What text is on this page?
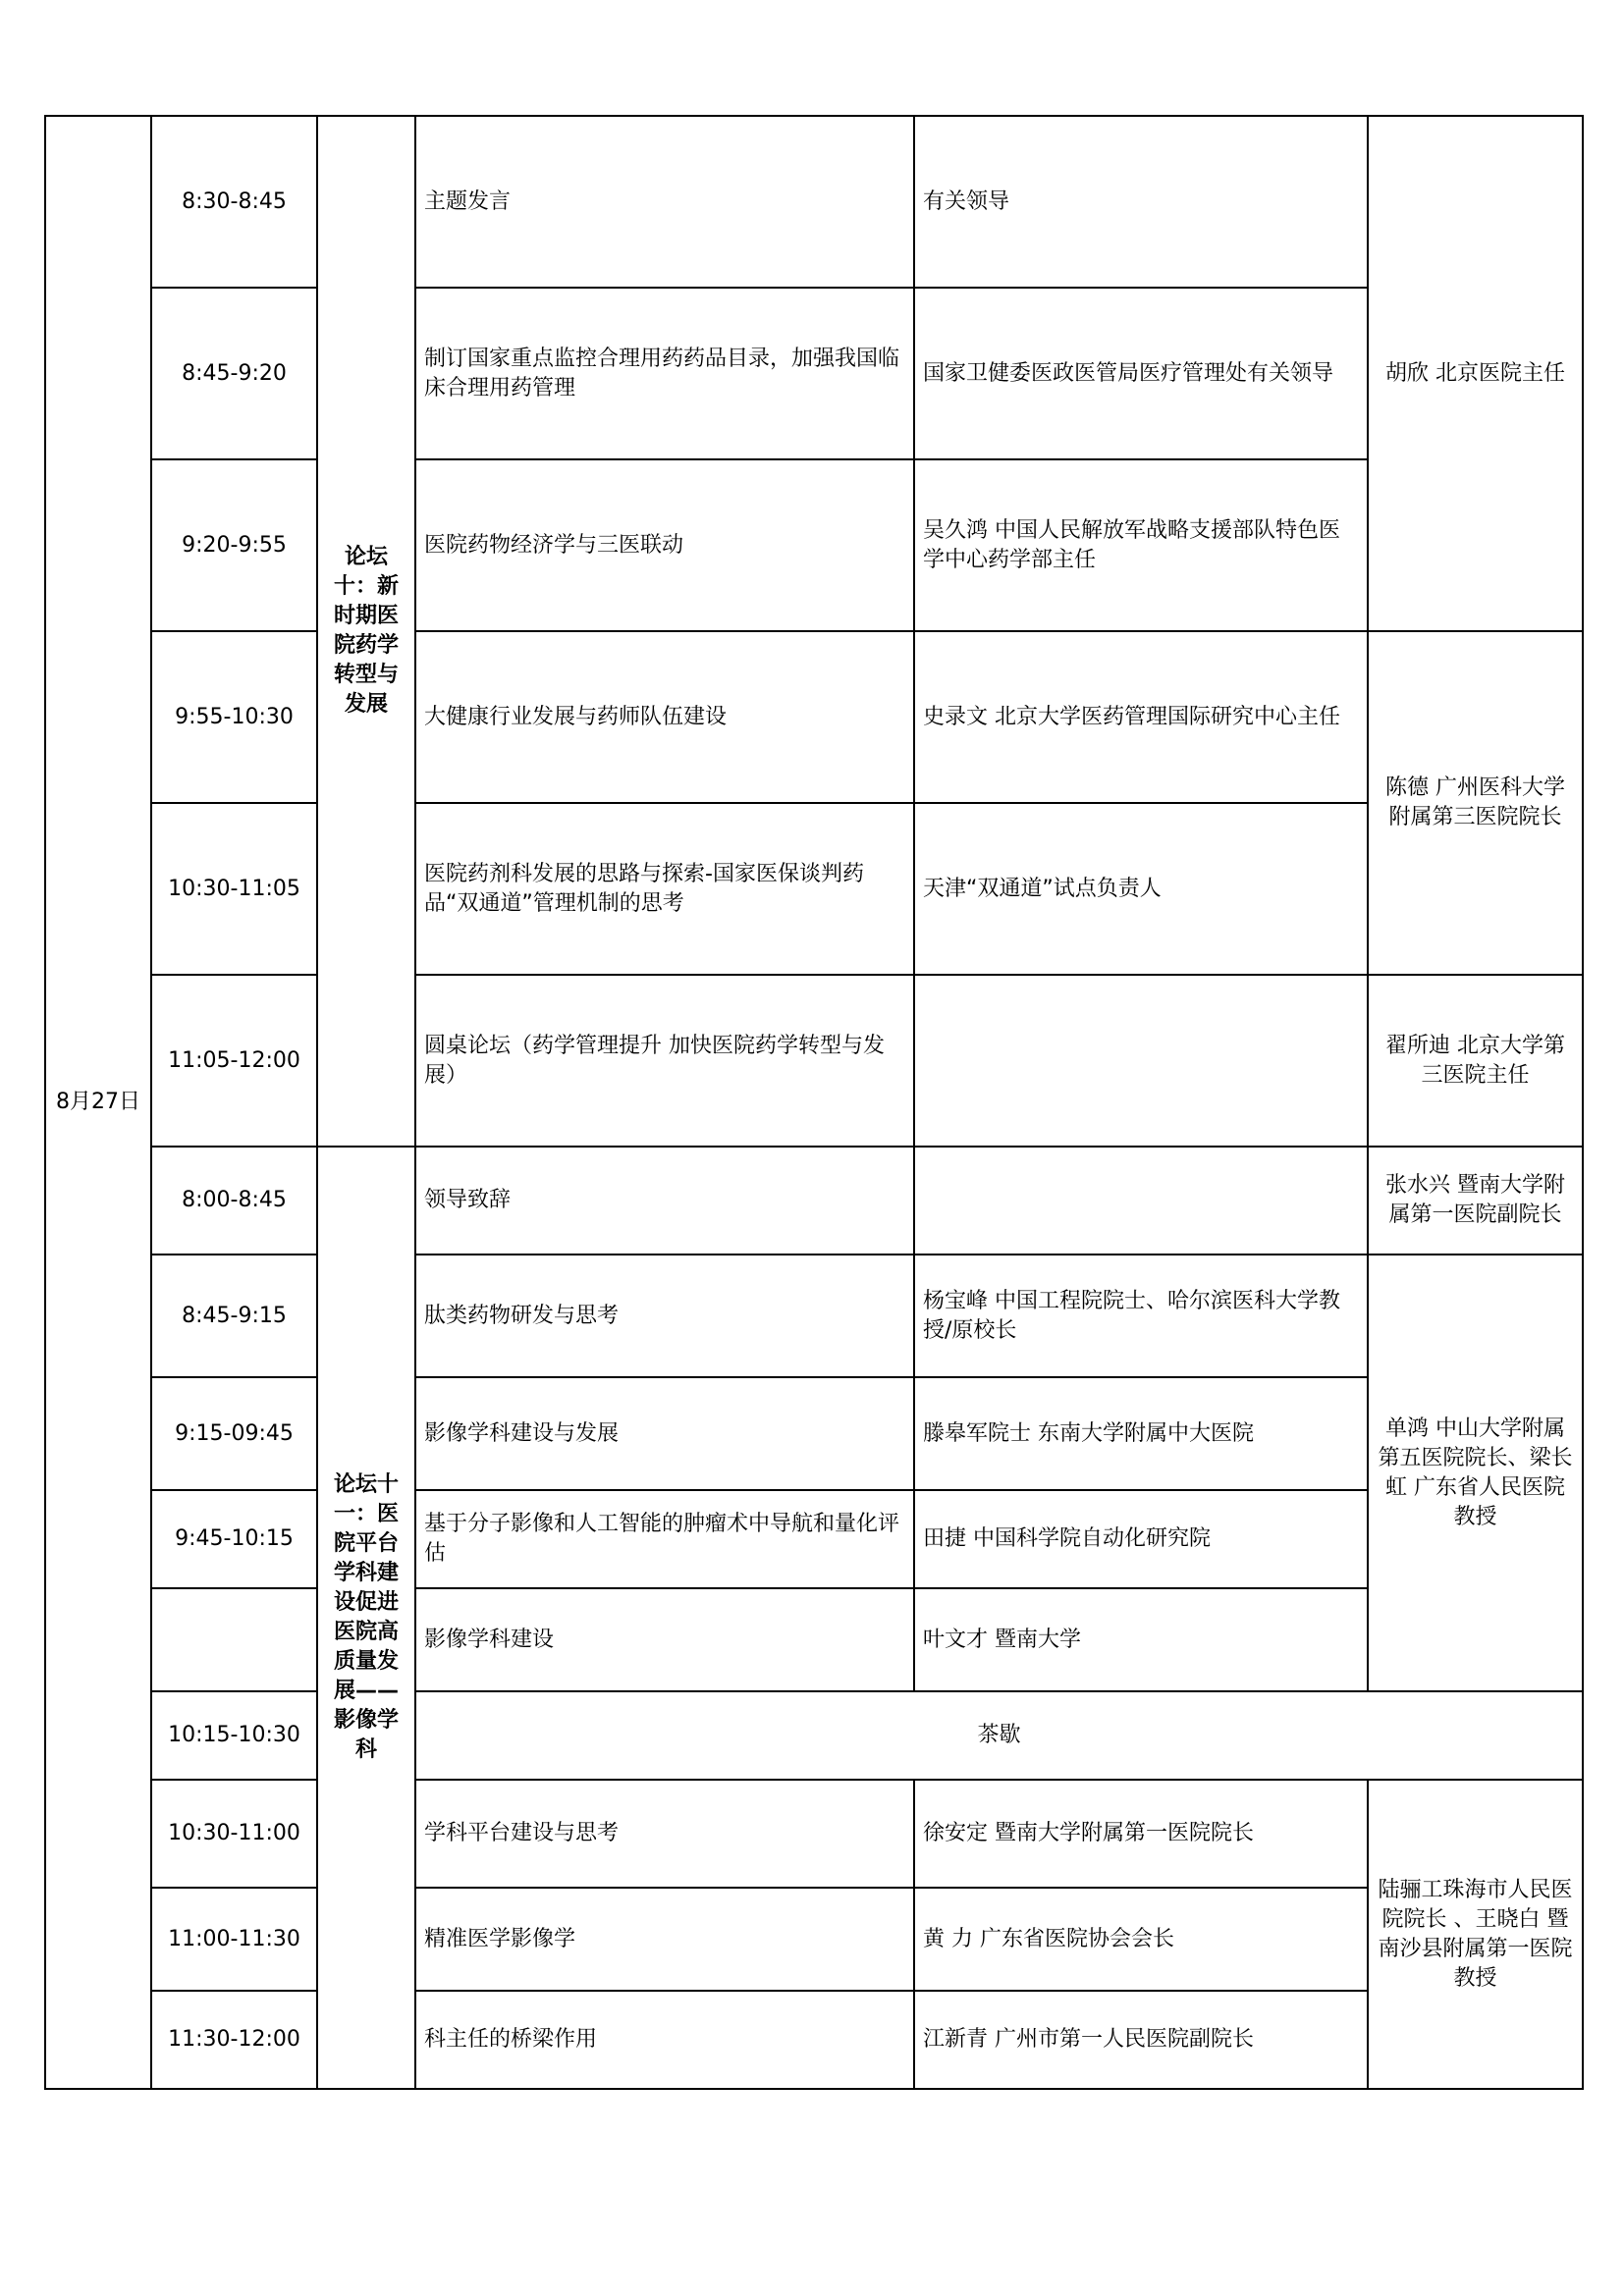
8月27日	8:30-8:45	论坛十：新时期医院药学转型与发展	主题发言	有关领导	胡欣 北京医院主任
	8:45-9:20		制订国家重点监控合理用药药品目录，加强我国临床合理用药管理	国家卫健委医政医管局医疗管理处有关领导	
	9:20-9:55		医院药物经济学与三医联动	吴久鸿 中国人民解放军战略支援部队特色医学中心药学部主任	
	9:55-10:30		大健康行业发展与药师队伍建设	史录文 北京大学医药管理国际研究中心主任	陈德 广州医科大学附属第三医院院长
	10:30-11:05		医院药剂科发展的思路与探索-国家医保谈判药品“双通道”管理机制的思考	天津“双通道”试点负责人	
	11:05-12:00		圆桌论坛（药学管理提升 加快医院药学转型与发展）		翟所迪 北京大学第三医院主任
	8:00-8:45	论坛十一：医院平台学科建设促进医院高质量发展——影像学科	领导致辞		张水兴 暨南大学附属第一医院副院长
	8:45-9:15		肽类药物研发与思考	杨宝峰 中国工程院院士、哈尔滨医科大学教授/原校长	单鸿 中山大学附属第五医院院长、梁长虹 广东省人民医院教授
	9:15-09:45		影像学科建设与发展	滕皋军院士 东南大学附属中大医院	
	9:45-10:15		基于分子影像和人工智能的肿瘤术中导航和量化评估	田捷 中国科学院自动化研究院	
			影像学科建设	叶文才 暨南大学	
	10:15-10:30		茶歇		
	10:30-11:00		学科平台建设与思考	徐安定 暨南大学附属第一医院院长	陆骊工珠海市人民医院院长 、王晓白 暨南沙县附属第一医院教授
	11:00-11:30		精准医学影像学	黄 力 广东省医院协会会长	
	11:30-12:00		科主任的桥梁作用	江新青 广州市第一人民医院副院长	
